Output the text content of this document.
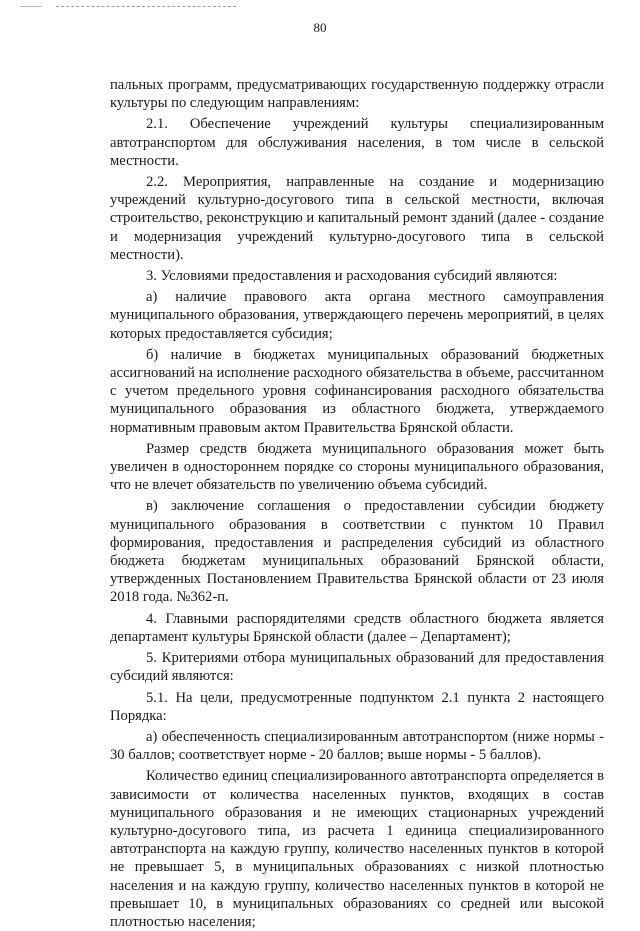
80

пальных программ, предусматривающих государственную поддержку отрасли культуры по следующим направлениям:

2.1. Обеспечение учреждений культуры специализированным автотранспортом для обслуживания населения, в том числе в сельской местности.

2.2. Мероприятия, направленные на создание и модернизацию учреждений культурно-досугового типа в сельской местности, включая строительство, реконструкцию и капитальный ремонт зданий (далее - создание и модернизация учреждений культурно-досугового типа в сельской местности).

3. Условиями предоставления и расходования субсидий являются:

а) наличие правового акта органа местного самоуправления муниципального образования, утверждающего перечень мероприятий, в целях которых предоставляется субсидия;

б) наличие в бюджетах муниципальных образований бюджетных ассигнований на исполнение расходного обязательства в объеме, рассчитанном с учетом предельного уровня софинансирования расходного обязательства муниципального образования из областного бюджета, утверждаемого нормативным правовым актом Правительства Брянской области.

Размер средств бюджета муниципального образования может быть увеличен в одностороннем порядке со стороны муниципального образования, что не влечет обязательств по увеличению объема субсидий.

в) заключение соглашения о предоставлении субсидии бюджету муниципального образования в соответствии с пунктом 10 Правил формирования, предоставления и распределения субсидий из областного бюджета бюджетам муниципальных образований Брянской области, утвержденных Постановлением Правительства Брянской области от 23 июля 2018 года. №362-п.

4. Главными распорядителями средств областного бюджета является департамент культуры Брянской области (далее – Департамент);

5. Критериями отбора муниципальных образований для предоставления субсидий являются:

5.1. На цели, предусмотренные подпунктом 2.1 пункта 2 настоящего Порядка:

а) обеспеченность специализированным автотранспортом (ниже нормы - 30 баллов; соответствует норме - 20 баллов; выше нормы - 5 баллов).

Количество единиц специализированного автотранспорта определяется в зависимости от количества населенных пунктов, входящих в состав муниципального образования и не имеющих стационарных учреждений культурно-досугового типа, из расчета 1 единица специализированного автотранспорта на каждую группу, количество населенных пунктов в которой не превышает 5, в муниципальных образованиях с низкой плотностью населения и на каждую группу, количество населенных пунктов в которой не превышает 10, в муниципальных образованиях со средней или высокой плотностью населения;
